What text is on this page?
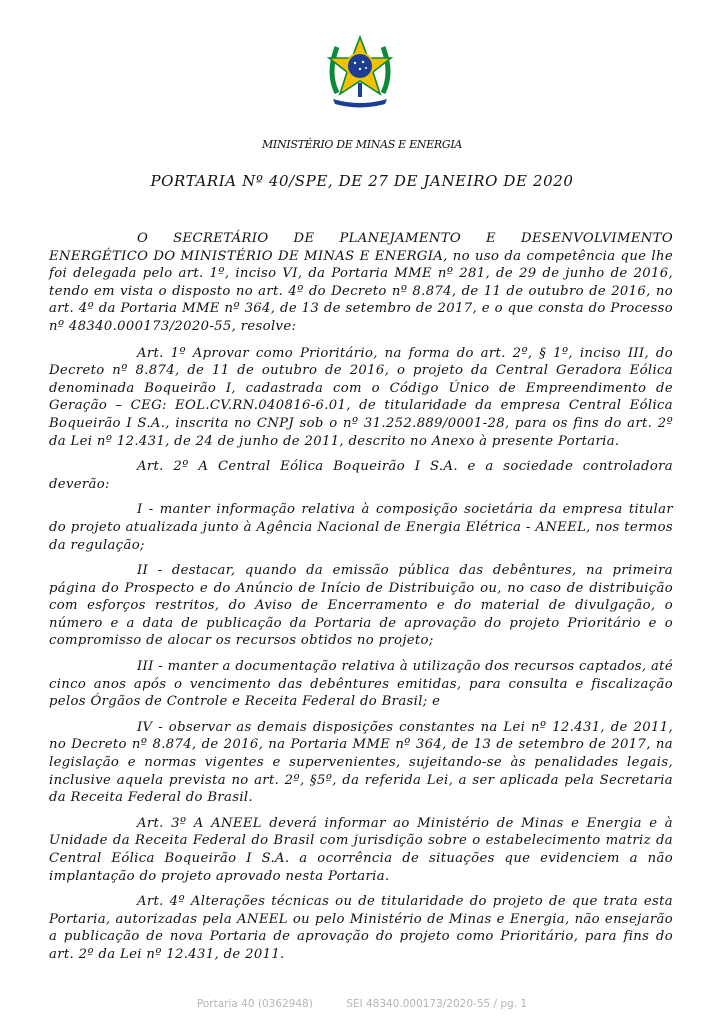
MINISTÉRIO DE MINAS E ENERGIA
PORTARIA Nº 40/SPE, DE 27 DE JANEIRO DE 2020

O SECRETÁRIO DE PLANEJAMENTO E DESENVOLVIMENTO ENERGÉTICO DO MINISTÉRIO DE MINAS E ENERGIA, no uso da competência que lhe foi delegada pelo art. 1º, inciso VI, da Portaria MME nº 281, de 29 de junho de 2016, tendo em vista o disposto no art. 4º do Decreto nº 8.874, de 11 de outubro de 2016, no art. 4º da Portaria MME nº 364, de 13 de setembro de 2017, e o que consta do Processo nº 48340.000173/2020-55, resolve:

Art. 1º Aprovar como Prioritário, na forma do art. 2º, § 1º, inciso III, do Decreto nº 8.874, de 11 de outubro de 2016, o projeto da Central Geradora Eólica denominada Boqueirão I, cadastrada com o Código Único de Empreendimento de Geração – CEG: EOL.CV.RN.040816-6.01, de titularidade da empresa Central Eólica Boqueirão I S.A., inscrita no CNPJ sob o nº 31.252.889/0001-28, para os fins do art. 2º da Lei nº 12.431, de 24 de junho de 2011, descrito no Anexo à presente Portaria.

Art. 2º A Central Eólica Boqueirão I S.A. e a sociedade controladora deverão:

I - manter informação relativa à composição societária da empresa titular do projeto atualizada junto à Agência Nacional de Energia Elétrica - ANEEL, nos termos da regulação;

II - destacar, quando da emissão pública das debêntures, na primeira página do Prospecto e do Anúncio de Início de Distribuição ou, no caso de distribuição com esforços restritos, do Aviso de Encerramento e do material de divulgação, o número e a data de publicação da Portaria de aprovação do projeto Prioritário e o compromisso de alocar os recursos obtidos no projeto;

III - manter a documentação relativa à utilização dos recursos captados, até cinco anos após o vencimento das debêntures emitidas, para consulta e fiscalização pelos Órgãos de Controle e Receita Federal do Brasil; e

IV - observar as demais disposições constantes na Lei nº 12.431, de 2011, no Decreto nº 8.874, de 2016, na Portaria MME nº 364, de 13 de setembro de 2017, na legislação e normas vigentes e supervenientes, sujeitando-se às penalidades legais, inclusive aquela prevista no art. 2º, §5º, da referida Lei, a ser aplicada pela Secretaria da Receita Federal do Brasil.

Art. 3º A ANEEL deverá informar ao Ministério de Minas e Energia e à Unidade da Receita Federal do Brasil com jurisdição sobre o estabelecimento matriz da Central Eólica Boqueirão I S.A. a ocorrência de situações que evidenciem a não implantação do projeto aprovado nesta Portaria.

Art. 4º Alterações técnicas ou de titularidade do projeto de que trata esta Portaria, autorizadas pela ANEEL ou pelo Ministério de Minas e Energia, não ensejarão a publicação de nova Portaria de aprovação do projeto como Prioritário, para fins do art. 2º da Lei nº 12.431, de 2011.

Portaria 40 (0362948)	SEI 48340.000173/2020-55 / pg. 1
